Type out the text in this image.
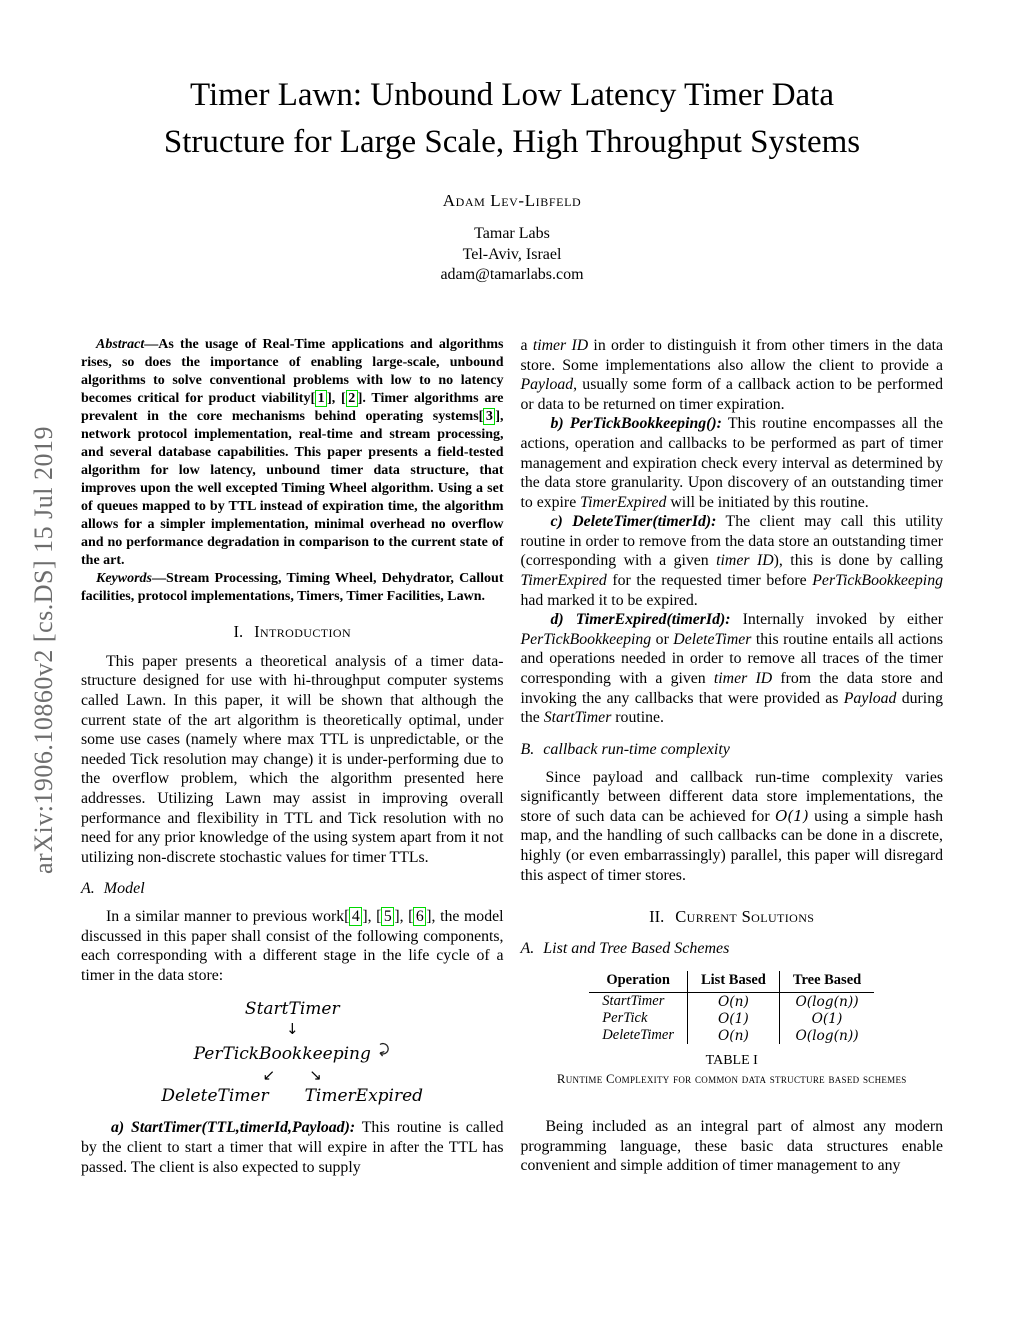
arXiv:1906.10860v2 [cs.DS] 15 Jul 2019
Timer Lawn: Unbound Low Latency Timer Data
Structure for Large Scale, High Throughput Systems
Adam Lev-Libfeld
Tamar Labs
Tel-Aviv, Israel
adam@tamarlabs.com

Abstract—As the usage of Real-Time applications and algorithms rises, so does the importance of enabling large-scale, unbound algorithms to solve conventional problems with low to no latency becomes critical for product viability[ 1 ], [ 2 ]. Timer algorithms are prevalent in the core mechanisms behind operating systems[ 3 ], network protocol implementation, real-time and stream processing, and several database capabilities. This paper presents a field-tested algorithm for low latency, unbound timer data structure, that improves upon the well excepted Timing Wheel algorithm. Using a set of queues mapped to by TTL instead of expiration time, the algorithm allows for a simpler implementation, minimal overhead no overflow and no performance degradation in comparison to the current state of the art.

Keywords—Stream Processing, Timing Wheel, Dehydrator, Callout facilities, protocol implementations, Timers, Timer Facilities, Lawn.

I. Introduction

This paper presents a theoretical analysis of a timer data-structure designed for use with hi-throughput computer systems called Lawn. In this paper, it will be shown that although the current state of the art algorithm is theoretically optimal, under some use cases (namely where max TTL is unpredictable, or the needed Tick resolution may change) it is under-performing due to the overflow problem, which the algorithm presented here addresses. Utilizing Lawn may assist in improving overall performance and flexibility in TTL and Tick resolution with no need for any prior knowledge of the using system apart from it not utilizing non-discrete stochastic values for timer TTLs.

A. Model

In a similar manner to previous work[ 4 ], [ 5 ], [ 6 ], the model discussed in this paper shall consist of the following components, each corresponding with a different stage in the life cycle of a timer in the data store:

StartTimer
↓
PerTickBookkeeping
↙ ↘
DeleteTimer TimerExpired

a) StartTimer(TTL,timerId,Payload): This routine is called by the client to start a timer that will expire in after the TTL has passed. The client is also expected to supply

a timer ID in order to distinguish it from other timers in the data store. Some implementations also allow the client to provide a Payload, usually some form of a callback action to be performed or data to be returned on timer expiration.

b) PerTickBookkeeping(): This routine encompasses all the actions, operation and callbacks to be performed as part of timer management and expiration check every interval as determined by the data store granularity. Upon discovery of an outstanding timer to expire TimerExpired will be initiated by this routine.

c) DeleteTimer(timerId): The client may call this utility routine in order to remove from the data store an outstanding timer (corresponding with a given timer ID), this is done by calling TimerExpired for the requested timer before PerTickBookkeeping had marked it to be expired.

d) TimerExpired(timerId): Internally invoked by either PerTickBookkeeping or DeleteTimer this routine entails all actions and operations needed in order to remove all traces of the timer corresponding with a given timer ID from the data store and invoking the any callbacks that were provided as Payload during the StartTimer routine.

B. callback run-time complexity

Since payload and callback run-time complexity varies significantly between different data store implementations, the store of such data can be achieved for O(1) using a simple hash map, and the handling of such callbacks can be done in a discrete, highly (or even embarrassingly) parallel, this paper will disregard this aspect of timer stores.

II. Current Solutions
A. List and Tree Based Schemes
Operation	List Based	Tree Based
StartTimer	O(n)	O(log(n))
PerTick	O(1)	O(1)
DeleteTimer	O(n)	O(log(n))
TABLE I
Runtime Complexity for common data structure based schemes

Being included as an integral part of almost any modern programming language, these basic data structures enable convenient and simple addition of timer management to any
